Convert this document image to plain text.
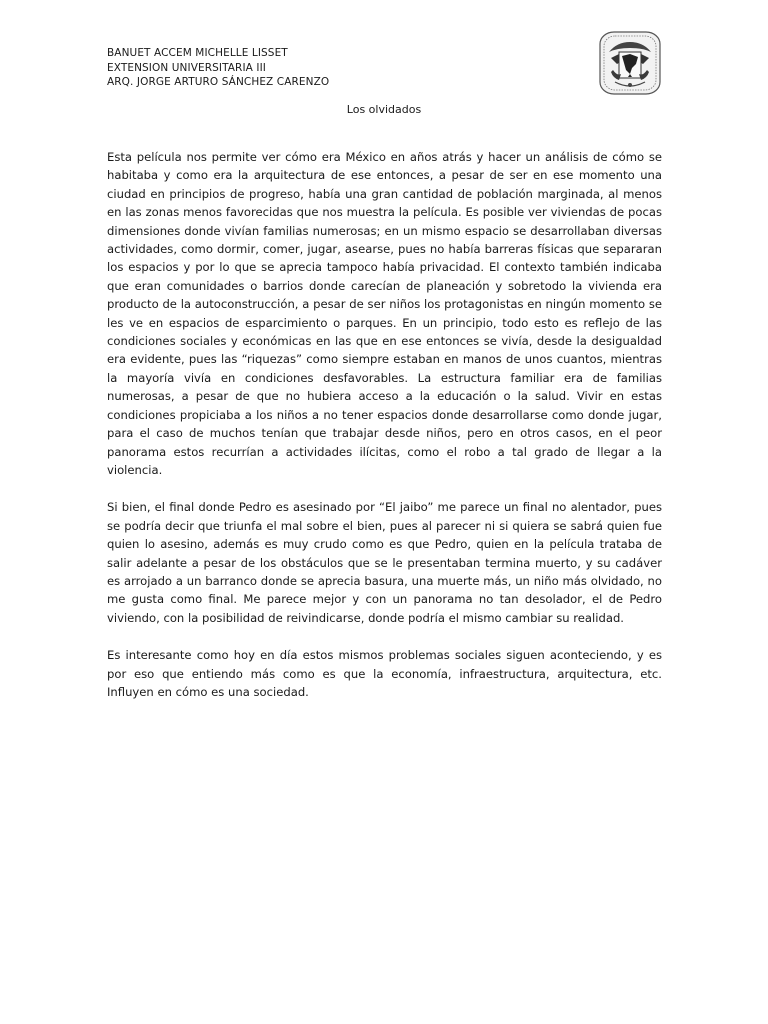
BANUET ACCEM MICHELLE LISSET
EXTENSION UNIVERSITARIA III
ARQ. JORGE ARTURO SÁNCHEZ CARENZO
Los olvidados

Esta película nos permite ver cómo era México en años atrás y hacer un análisis de cómo se habitaba y como era la arquitectura de ese entonces, a pesar de ser en ese momento una ciudad en principios de progreso, había una gran cantidad de población marginada, al menos en las zonas menos favorecidas que nos muestra la película. Es posible ver viviendas de pocas dimensiones donde vivían familias numerosas; en un mismo espacio se desarrollaban diversas actividades, como dormir, comer, jugar, asearse, pues no había barreras físicas que separaran los espacios y por lo que se aprecia tampoco había privacidad. El contexto también indicaba que eran comunidades o barrios donde carecían de planeación y sobretodo la vivienda era producto de la autoconstrucción, a pesar de ser niños los protagonistas en ningún momento se les ve en espacios de esparcimiento o parques. En un principio, todo esto es reflejo de las condiciones sociales y económicas en las que en ese entonces se vivía, desde la desigualdad era evidente, pues las “riquezas” como siempre estaban en manos de unos cuantos, mientras la mayoría vivía en condiciones desfavorables. La estructura familiar era de familias numerosas, a pesar de que no hubiera acceso a la educación o la salud. Vivir en estas condiciones propiciaba a los niños a no tener espacios donde desarrollarse como donde jugar, para el caso de muchos tenían que trabajar desde niños, pero en otros casos, en el peor panorama estos recurrían a actividades ilícitas, como el robo a tal grado de llegar a la violencia.

Si bien, el final donde Pedro es asesinado por “El jaibo” me parece un final no alentador, pues se podría decir que triunfa el mal sobre el bien, pues al parecer ni si quiera se sabrá quien fue quien lo asesino, además es muy crudo como es que Pedro, quien en la película trataba de salir adelante a pesar de los obstáculos que se le presentaban termina muerto, y su cadáver es arrojado a un barranco donde se aprecia basura, una muerte más, un niño más olvidado, no me gusta como final. Me parece mejor y con un panorama no tan desolador, el de Pedro viviendo, con la posibilidad de reivindicarse, donde podría el mismo cambiar su realidad.

Es interesante como hoy en día estos mismos problemas sociales siguen aconteciendo, y es por eso que entiendo más como es que la economía, infraestructura, arquitectura, etc. Influyen en cómo es una sociedad.
